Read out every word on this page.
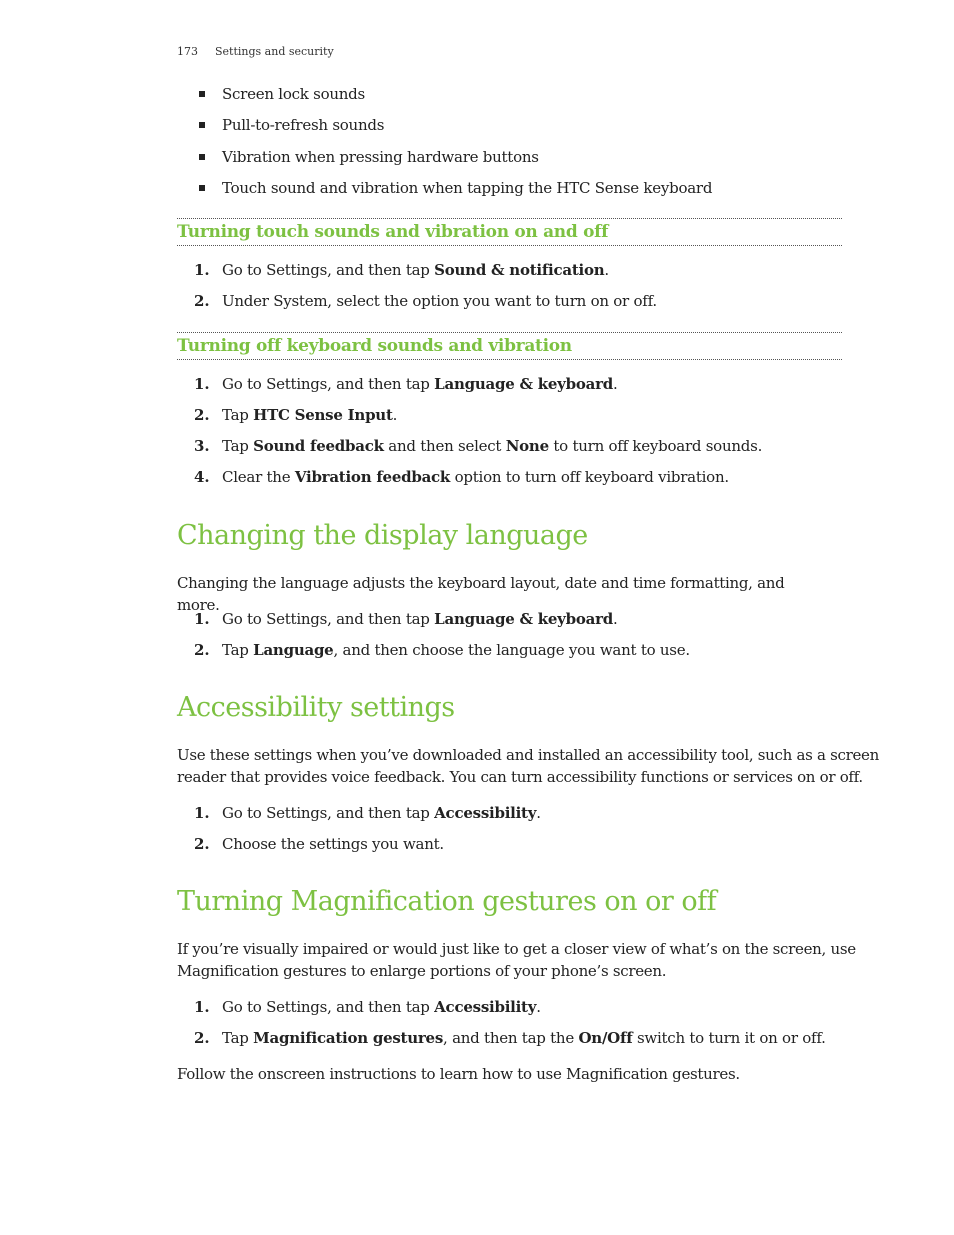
173 Settings and security
Screen lock sounds
Pull-to-refresh sounds
Vibration when pressing hardware buttons
Touch sound and vibration when tapping the HTC Sense keyboard
Turning touch sounds and vibration on and off
1. Go to Settings, and then tap Sound & notification.
2. Under System, select the option you want to turn on or off.
Turning off keyboard sounds and vibration
1. Go to Settings, and then tap Language & keyboard.
2. Tap HTC Sense Input.
3. Tap Sound feedback and then select None to turn off keyboard sounds.
4. Clear the Vibration feedback option to turn off keyboard vibration.
Changing the display language
Changing the language adjusts the keyboard layout, date and time formatting, and more.
1. Go to Settings, and then tap Language & keyboard.
2. Tap Language, and then choose the language you want to use.
Accessibility settings
Use these settings when you’ve downloaded and installed an accessibility tool, such as a screen
reader that provides voice feedback. You can turn accessibility functions or services on or off.
1. Go to Settings, and then tap Accessibility.
2. Choose the settings you want.
Turning Magnification gestures on or off
If you’re visually impaired or would just like to get a closer view of what’s on the screen, use
Magnification gestures to enlarge portions of your phone’s screen.
1. Go to Settings, and then tap Accessibility.
2. Tap Magnification gestures, and then tap the On/Off switch to turn it on or off.
Follow the onscreen instructions to learn how to use Magnification gestures.
